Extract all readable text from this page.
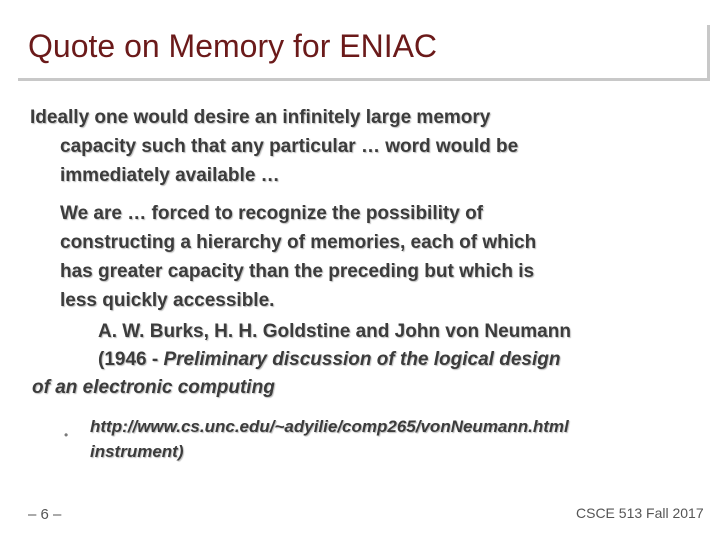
Quote on Memory for ENIAC
Ideally one would desire an infinitely large memory
capacity such that any particular … word would be
immediately available …
We are … forced to recognize the possibility of
constructing a hierarchy of memories, each of which
has greater capacity than the preceding but which is
less quickly accessible.
A. W. Burks, H. H. Goldstine and John von Neumann
(1946 - Preliminary discussion of the logical design
of an electronic computing
• http://www.cs.unc.edu/~adyilie/comp265/vonNeumann.html
instrument)
– 6 –	CSCE 513 Fall 2017
